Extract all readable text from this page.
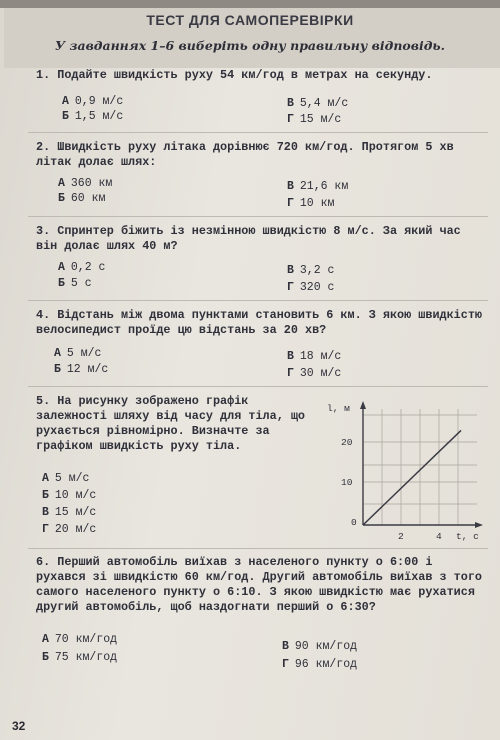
ТЕСТ ДЛЯ САМОПЕРЕВІРКИ
У завданнях 1–6 виберіть одну правильну відповідь.
1. Подайте швидкість руху 54 км/год в метрах на секунду.
А 0,9 м/с
Б 1,5 м/с
В 5,4 м/с
Г 15 м/с
2. Швидкість руху літака дорівнює 720 км/год. Протягом 5 хв літак долає шлях:
А 360 км
Б 60 км
В 21,6 км
Г 10 км
3. Спринтер біжить із незмінною швидкістю 8 м/с. За який час він долає шлях 40 м?
А 0,2 с
Б 5 с
В 3,2 с
Г 320 с
4. Відстань між двома пунктами становить 6 км. З якою швидкістю велосипедист проїде цю відстань за 20 хв?
А 5 м/с
Б 12 м/с
В 18 м/с
Г 30 м/с
5. На рисунку зображено графік залежності шляху від часу для тіла, що рухається рівномірно. Визначте за графіком швидкість руху тіла.
А 5 м/с
Б 10 м/с
В 15 м/с
Г 20 м/с
l, м
20
10
0
2	4 t, с
6. Перший автомобіль виїхав з населеного пункту о 6:00 і рухався зі швидкістю 60 км/год. Другий автомобіль виїхав з того самого населеного пункту о 6:10. З якою швидкістю має рухатися другий автомобіль, щоб наздогнати перший о 6:30?
А 70 км/год
Б 75 км/год
В 90 км/год
Г 96 км/год
32
